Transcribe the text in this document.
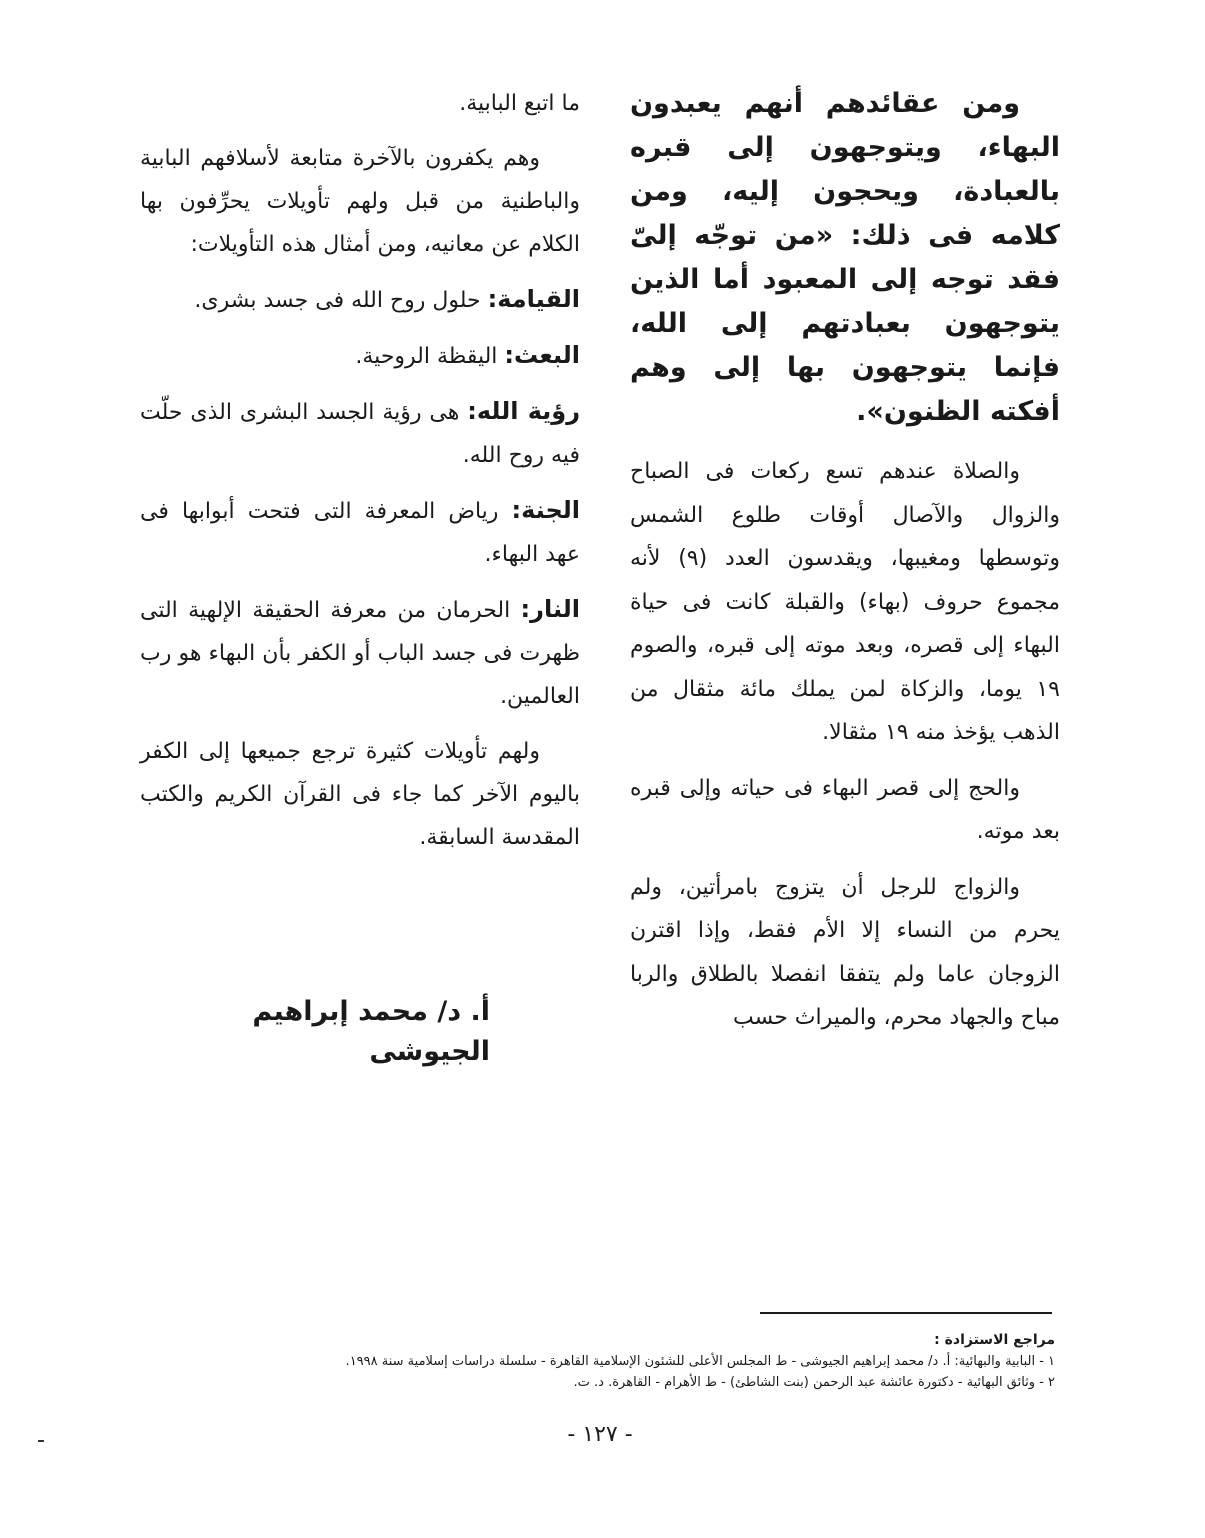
ومن عقائدهم أنهم يعبدون البهاء، ويتوجهون إلى قبره بالعبادة، ويحجون إليه، ومن كلامه فى ذلك: «من توجّه إلىّ فقد توجه إلى المعبود أما الذين يتوجهون بعبادتهم إلى الله، فإنما يتوجهون بها إلى وهم أفكته الظنون».

والصلاة عندهم تسع ركعات فى الصباح والزوال والآصال أوقات طلوع الشمس وتوسطها ومغيبها، ويقدسون العدد (٩) لأنه مجموع حروف (بهاء) والقبلة كانت فى حياة البهاء إلى قصره، وبعد موته إلى قبره، والصوم ١٩ يوما، والزكاة لمن يملك مائة مثقال من الذهب يؤخذ منه ١٩ مثقالا.

والحج إلى قصر البهاء فى حياته وإلى قبره بعد موته.

والزواج للرجل أن يتزوج بامرأتين، ولم يحرم من النساء إلا الأم فقط، وإذا اقترن الزوجان عاما ولم يتفقا انفصلا بالطلاق والربا مباح والجهاد محرم، والميراث حسب

ما اتبع البابية.

وهم يكفرون بالآخرة متابعة لأسلافهم البابية والباطنية من قبل ولهم تأويلات يحرِّفون بها الكلام عن معانيه، ومن أمثال هذه التأويلات:

القيامة: حلول روح الله فى جسد بشرى.

البعث: اليقظة الروحية.

رؤية الله: هى رؤية الجسد البشرى الذى حلّت فيه روح الله.

الجنة: رياض المعرفة التى فتحت أبوابها فى عهد البهاء.

النار: الحرمان من معرفة الحقيقة الإلهية التى ظهرت فى جسد الباب أو الكفر بأن البهاء هو رب العالمين.

ولهم تأويلات كثيرة ترجع جميعها إلى الكفر باليوم الآخر كما جاء فى القرآن الكريم والكتب المقدسة السابقة.

أ. د/ محمد إبراهيم الجيوشى
مراجع الاستزادة :
١ - البابية والبهائية: أ. د/ محمد إبراهيم الجيوشى - ط المجلس الأعلى للشئون الإسلامية القاهرة - سلسلة دراسات إسلامية سنة ١٩٩٨.
٢ - وثائق البهائية - دكتورة عائشة عبد الرحمن (بنت الشاطئ) - ط الأهرام - القاهرة. د. ت.
- ١٢٧ -
